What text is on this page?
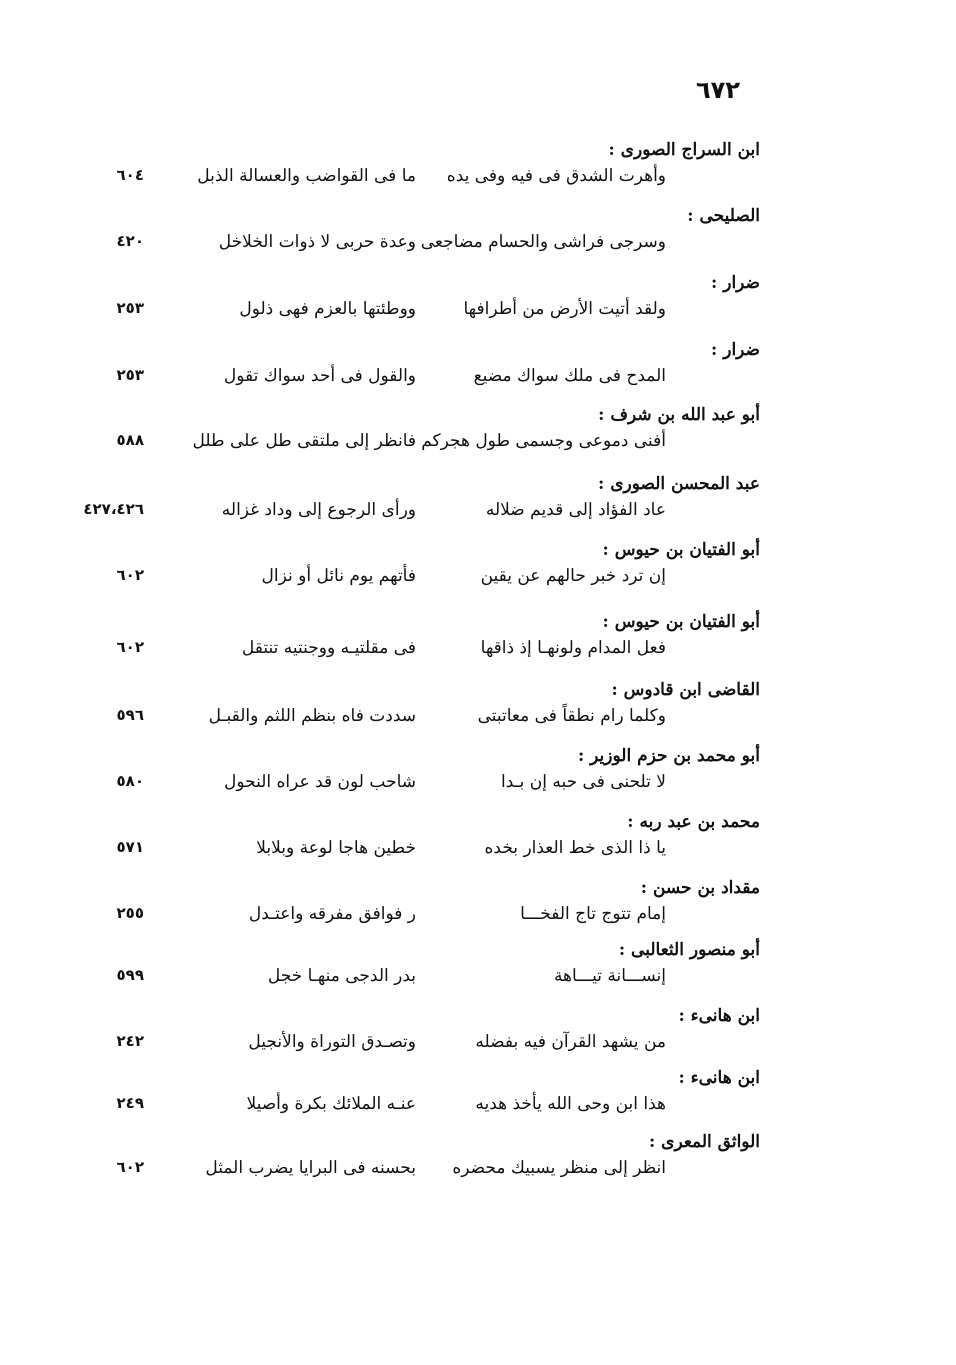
٦٧٢
ابن السراج الصورى :
وأهرت الشدق فى فيه وفى يده
ما فى القواضب والعسالة الذبل
٦٠٤
الصليحى :
وسرجى فراشى والحسام مضاجعى
وعدة حربى لا ذوات الخلاخل
٤٢٠
ضرار :
ولقد أتيت الأرض من أطرافها
ووطئتها بالعزم فهى ذلول
٢٥٣
ضرار :
المدح فى ملك سواك مضيع
والقول فى أحد سواك تقول
٢٥٣
أبو عبد الله بن شرف :
أفنى دموعى وجسمى طول هجركم
فانظر إلى ملتقى طل على طلل
٥٨٨
عبد المحسن الصورى :
عاد الفؤاد إلى قديم ضلاله
ورأى الرجوع إلى وداد غزاله
٤٢٧،٤٢٦
أبو الفتيان بن حيوس :
إن ترد خبر حالهم عن يقين
فأتهم يوم نائل أو نزال
٦٠٢
أبو الفتيان بن حيوس :
فعل المدام ولونهـا إذ ذاقها
فى مقلتيـه ووجنتيه تنتقل
٦٠٢
القاضى ابن قادوس :
وكلما رام نطقاً فى معاتبتى
سددت فاه بنظم اللثم والقبـل
٥٩٦
أبو محمد بن حزم الوزير :
لا تلحنى فى حبه إن بـدا
شاحب لون قد عراه النحول
٥٨٠
محمد بن عبد ربه :
يا ذا الذى خط العذار بخده
خطين هاجا لوعة وبلابلا
٥٧١
مقداد بن حسن :
إمام تتوج تاج الفخـــا
ر فوافق مفرقه واعتـدل
٢٥٥
أبو منصور الثعالبى :
إنســـانة تيـــاهة
بدر الدجى منهـا خجل
٥٩٩
ابن هانىء :
من يشهد القرآن فيه بفضله
وتصـدق التوراة والأنجيل
٢٤٢
ابن هانىء :
هذا ابن وحى الله يأخذ هديه
عنـه الملائك بكرة وأصيلا
٢٤٩
الواثق المعرى :
انظر إلى منظر يسبيك محضره
بحسنه فى البرايا يضرب المثل
٦٠٢
